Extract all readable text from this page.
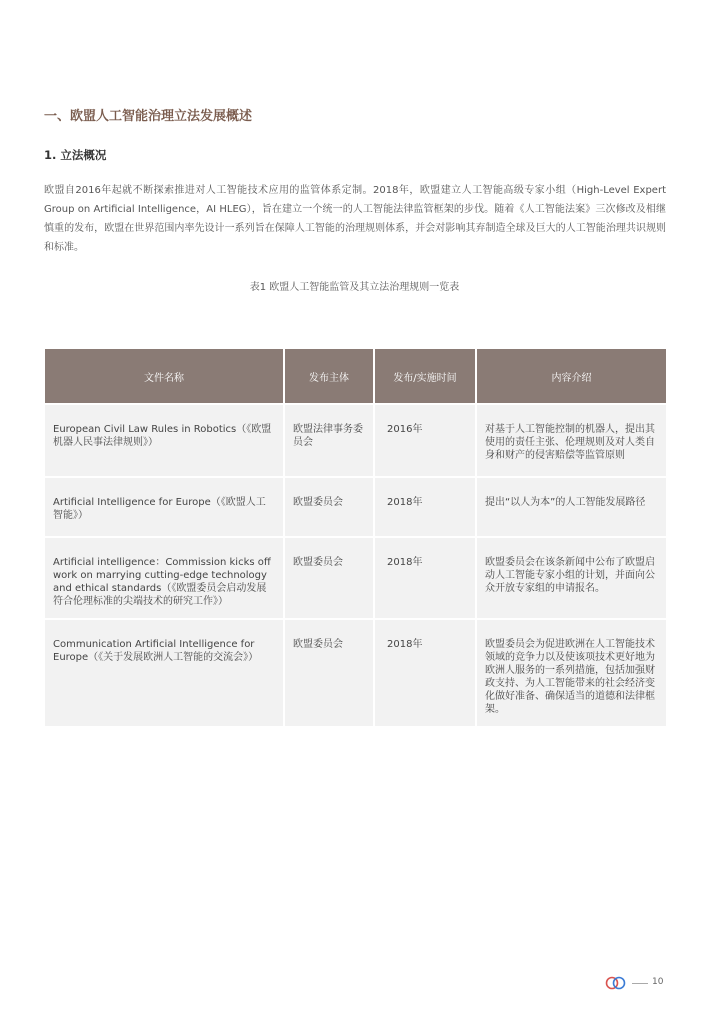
一、欧盟人工智能治理立法发展概述
1. 立法概况

欧盟自2016年起就不断探索推进对人工智能技术应用的监管体系定制。2018年，欧盟建立人工智能高级专家小组（High-Level Expert Group on Artificial Intelligence，AI HLEG），旨在建立一个统一的人工智能法律监管框架的步伐。随着《人工智能法案》三次修改及相继慎重的发布，欧盟在世界范围内率先设计一系列旨在保障人工智能的治理规则体系，并会对影响其弃制造全球及巨大的人工智能治理共识规则和标准。

表1 欧盟人工智能监管及其立法治理规则一览表
文件名称	发布主体	发布/实施时间	内容介绍
European Civil Law Rules in Robotics（《欧盟机器人民事法律规则》）	欧盟法律事务委员会	2016年	对基于人工智能控制的机器人，提出其使用的责任主张、伦理规则及对人类自身和财产的侵害赔偿等监管原则
Artificial Intelligence for Europe（《欧盟人工智能》）	欧盟委员会	2018年	提出“以人为本”的人工智能发展路径
Artificial intelligence：Commission kicks off work on marrying cutting-edge technology and ethical standards（《欧盟委员会启动发展符合伦理标准的尖端技术的研究工作》）	欧盟委员会	2018年	欧盟委员会在该条新闻中公布了欧盟启动人工智能专家小组的计划，并面向公众开放专家组的申请报名。
Communication Artificial Intelligence for Europe（《关于发展欧洲人工智能的交流会》）	欧盟委员会	2018年	欧盟委员会为促进欧洲在人工智能技术领域的竞争力以及使该项技术更好地为欧洲人服务的一系列措施，包括加强财政支持、为人工智能带来的社会经济变化做好准备、确保适当的道德和法律框架。
10
